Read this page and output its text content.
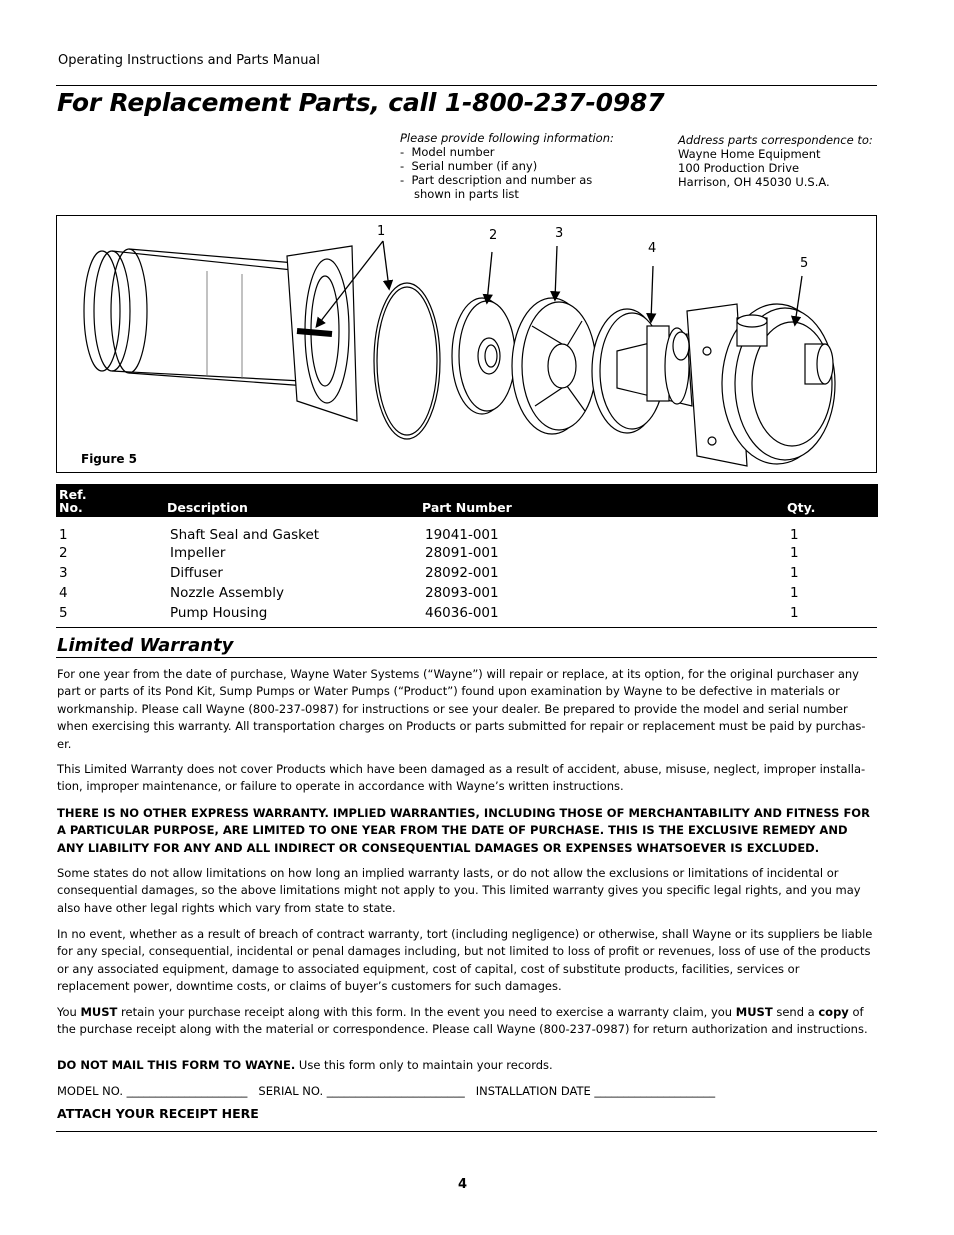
Operating Instructions and Parts Manual
For Replacement Parts, call 1-800-237-0987
Please provide following information:
-  Model number
-  Serial number (if any)
-  Part description and number as shown in parts list
Address parts correspondence to:
Wayne Home Equipment
100 Production Drive
Harrison, OH 45030 U.S.A.
1	2	3
4
5
Figure 5
Ref.
No.	Description	Part Number	Qty.
1	Shaft Seal and Gasket	19041-001	1
2	Impeller	28091-001	1
3	Diffuser	28092-001	1
4	Nozzle Assembly	28093-001	1
5	Pump Housing	46036-001	1
Limited Warranty
For one year from the date of purchase, Wayne Water Systems (“Wayne”) will repair or replace, at its option, for the original purchaser any part or parts of its Pond Kit, Sump Pumps or Water Pumps (“Product”) found upon examination by Wayne to be defective in materials or workmanship. Please call Wayne (800-237-0987) for instructions or see your dealer. Be prepared to provide the model and serial number when exercising this warranty. All transportation charges on Products or parts submitted for repair or replacement must be paid by purchas-er.
This Limited Warranty does not cover Products which have been damaged as a result of accident, abuse, misuse, neglect, improper installa-tion, improper maintenance, or failure to operate in accordance with Wayne’s written instructions.
THERE IS NO OTHER EXPRESS WARRANTY. IMPLIED WARRANTIES, INCLUDING THOSE OF MERCHANTABILITY AND FITNESS FOR A PARTICULAR PURPOSE, ARE LIMITED TO ONE YEAR FROM THE DATE OF PURCHASE. THIS IS THE EXCLUSIVE REMEDY AND ANY LIABILITY FOR ANY AND ALL INDIRECT OR CONSEQUENTIAL DAMAGES OR EXPENSES WHATSOEVER IS EXCLUDED.
Some states do not allow limitations on how long an implied warranty lasts, or do not allow the exclusions or limitations of incidental or consequential damages, so the above limitations might not apply to you. This limited warranty gives you specific legal rights, and you may also have other legal rights which vary from state to state.
In no event, whether as a result of breach of contract warranty, tort (including negligence) or otherwise, shall Wayne or its suppliers be liable for any special, consequential, incidental or penal damages including, but not limited to loss of profit or revenues, loss of use of the products or any associated equipment, damage to associated equipment, cost of capital, cost of substitute products, facilities, services or replacement power, downtime costs, or claims of buyer’s customers for such damages.
You MUST retain your purchase receipt along with this form. In the event you need to exercise a warranty claim, you MUST send a copy of the purchase receipt along with the material or correspondence. Please call Wayne (800-237-0987) for return authorization and instructions.
DO NOT MAIL THIS FORM TO WAYNE. Use this form only to maintain your records.
MODEL NO. _____________________ SERIAL NO. ________________________ INSTALLATION DATE _____________________
ATTACH YOUR RECEIPT HERE
4
